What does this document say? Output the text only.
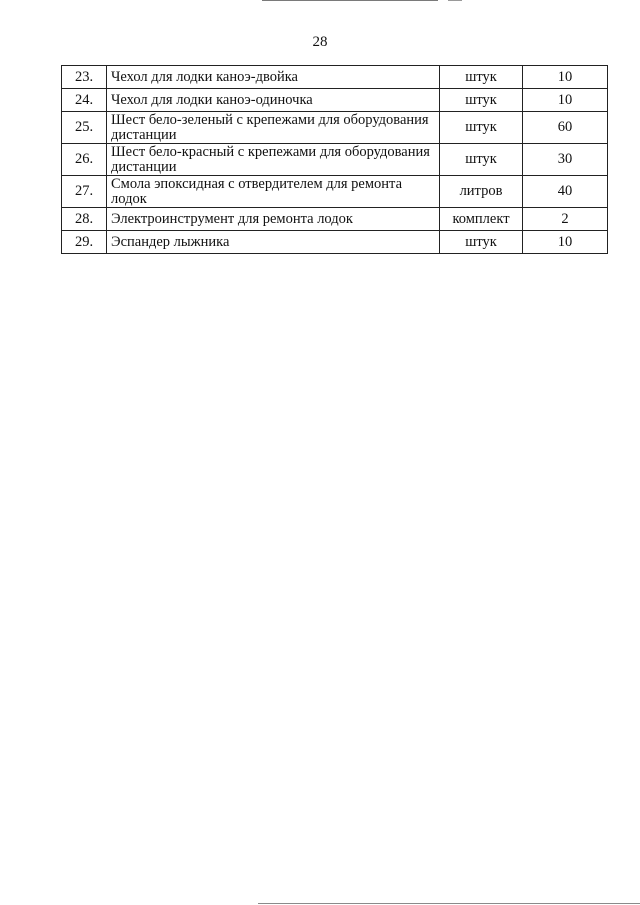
28
23.	Чехол для лодки каноэ-двойка	штук	10
24.	Чехол для лодки каноэ-одиночка	штук	10
25.	Шест бело-зеленый с крепежами для оборудования дистанции	штук	60
26.	Шест бело-красный с крепежами для оборудования дистанции	штук	30
27.	Смола эпоксидная с отвердителем для ремонта лодок	литров	40
28.	Электроинструмент для ремонта лодок	комплект	2
29.	Эспандер лыжника	штук	10
